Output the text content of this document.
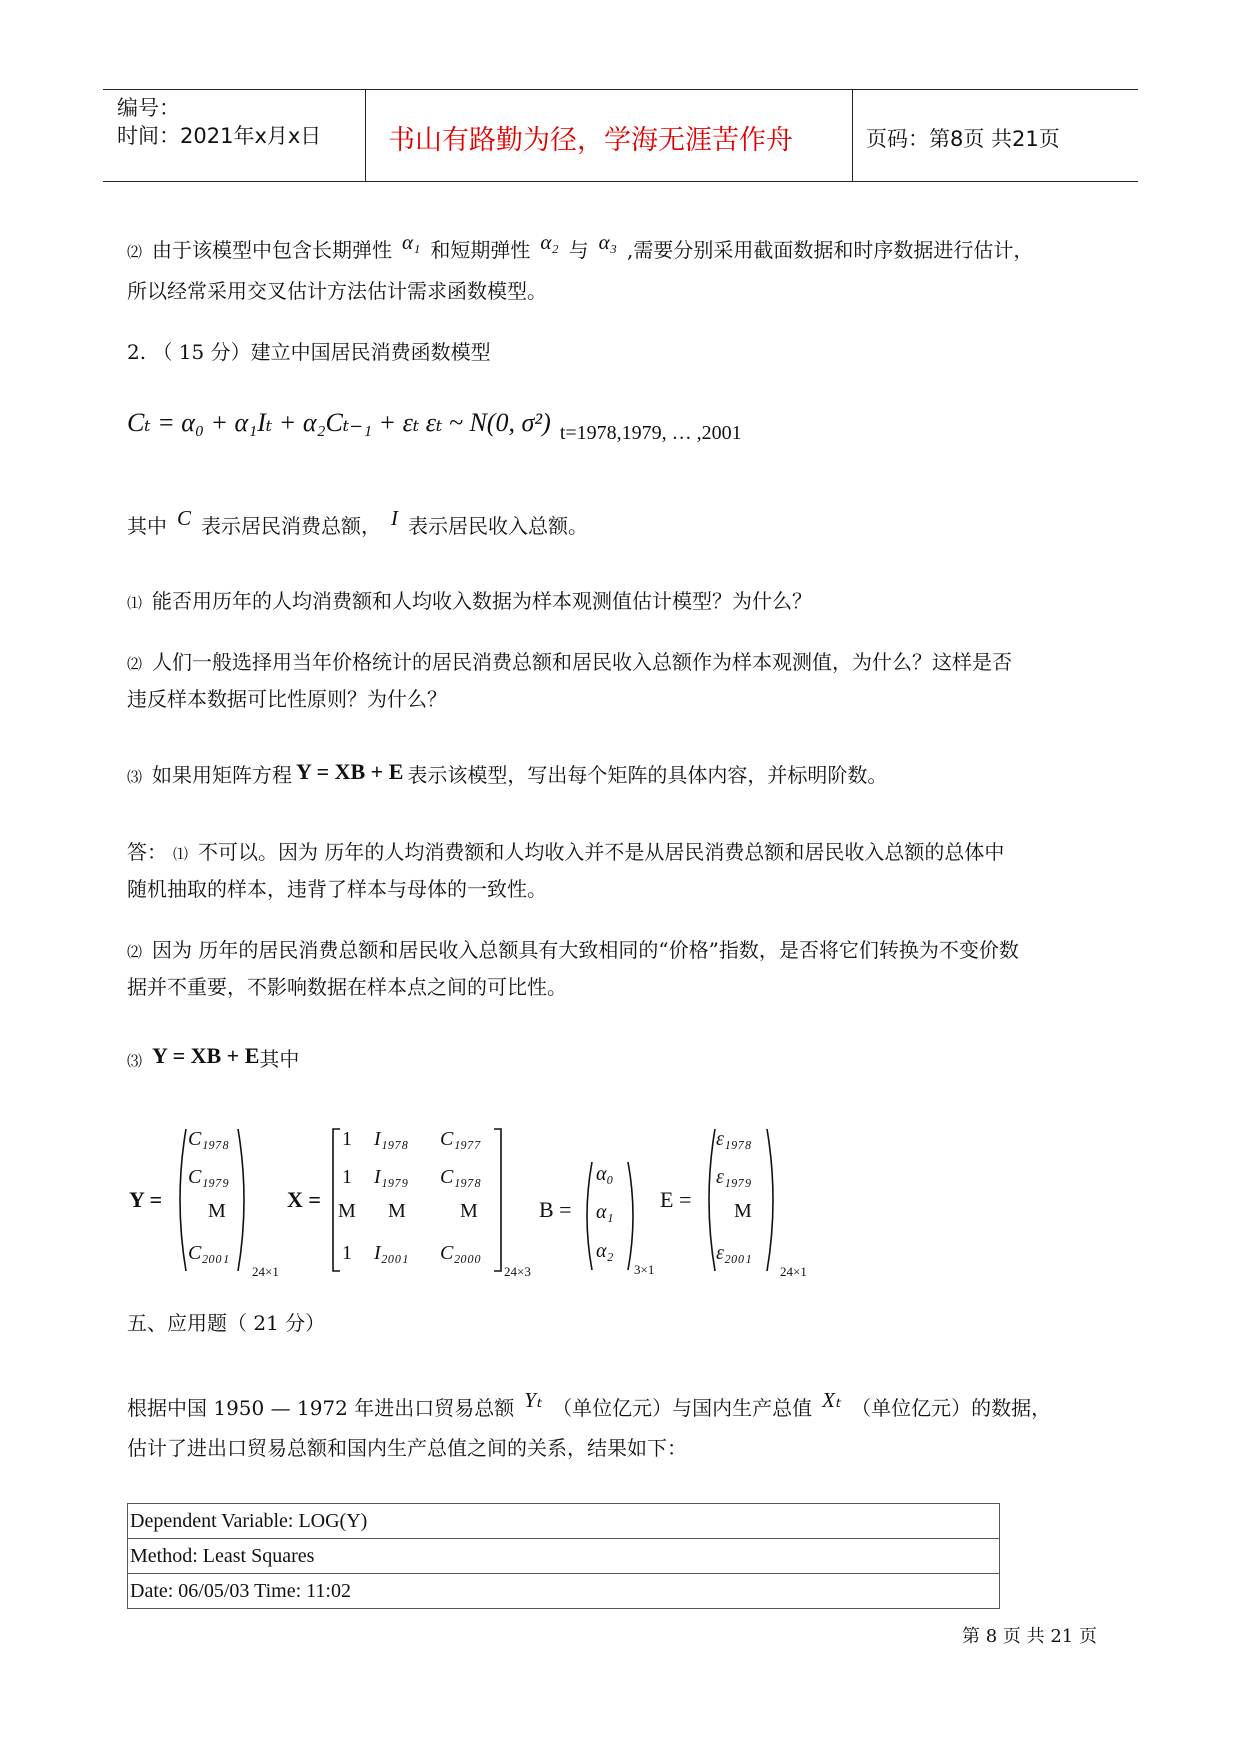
编号：
时间：2021年x月x日 书山有路勤为径，学海无涯苦作舟	页码：第8页 共21页
⑵ 由于该模型中包含长期弹性 α₁ 和短期弹性 α₂ 与 α₃ ,需要分别采用截面数据和时序数据进行估计，
所以经常采用交叉估计方法估计需求函数模型。
2. （ 15 分）建立中国居民消费函数模型
Cₜ = α₀ + α₁Iₜ + α₂Cₜ₋₁ + εₜ εₜ ~ N(0, σ²) t=1978,1979, … ,2001
其中 C 表示居民消费总额， I 表示居民收入总额。
⑴ 能否用历年的人均消费额和人均收入数据为样本观测值估计模型？为什么？
⑵ 人们一般选择用当年价格统计的居民消费总额和居民收入总额作为样本观测值，为什么？这样是否
违反样本数据可比性原则？为什么？
⑶ 如果用矩阵方程 Y = XB + E 表示该模型，写出每个矩阵的具体内容，并标明阶数。
答： ⑴ 不可以。因为 历年的人均消费额和人均收入并不是从居民消费总额和居民收入总额的总体中
随机抽取的样本，违背了样本与母体的一致性。
⑵ 因为 历年的居民消费总额和居民收入总额具有大致相同的“价格”指数，是否将它们转换为不变价数
据并不重要，不影响数据在样本点之间的可比性。
⑶ Y = XB + E其中
Y =
C₁₉₇₈
C₁₉₇₉
M
C₂₀₀₁
24×1
X =
1 I₁₉₇₈ C₁₉₇₇
1 I₁₉₇₉ C₁₉₇₈
M M	M
1 I₂₀₀₁ C₂₀₀₀
24×3
B =
α₀
α₁
α₂
3×1
E =
ε₁₉₇₈
ε₁₉₇₉
M
ε₂₀₀₁
24×1
五、应用题（ 21 分）
根据中国 1950 — 1972 年进出口贸易总额 Yₜ （单位亿元）与国内生产总值 Xₜ （单位亿元）的数据，
估计了进出口贸易总额和国内生产总值之间的关系，结果如下：
Dependent Variable: LOG(Y)
Method: Least Squares
Date: 06/05/03 Time: 11:02
第 8 页 共 21 页
